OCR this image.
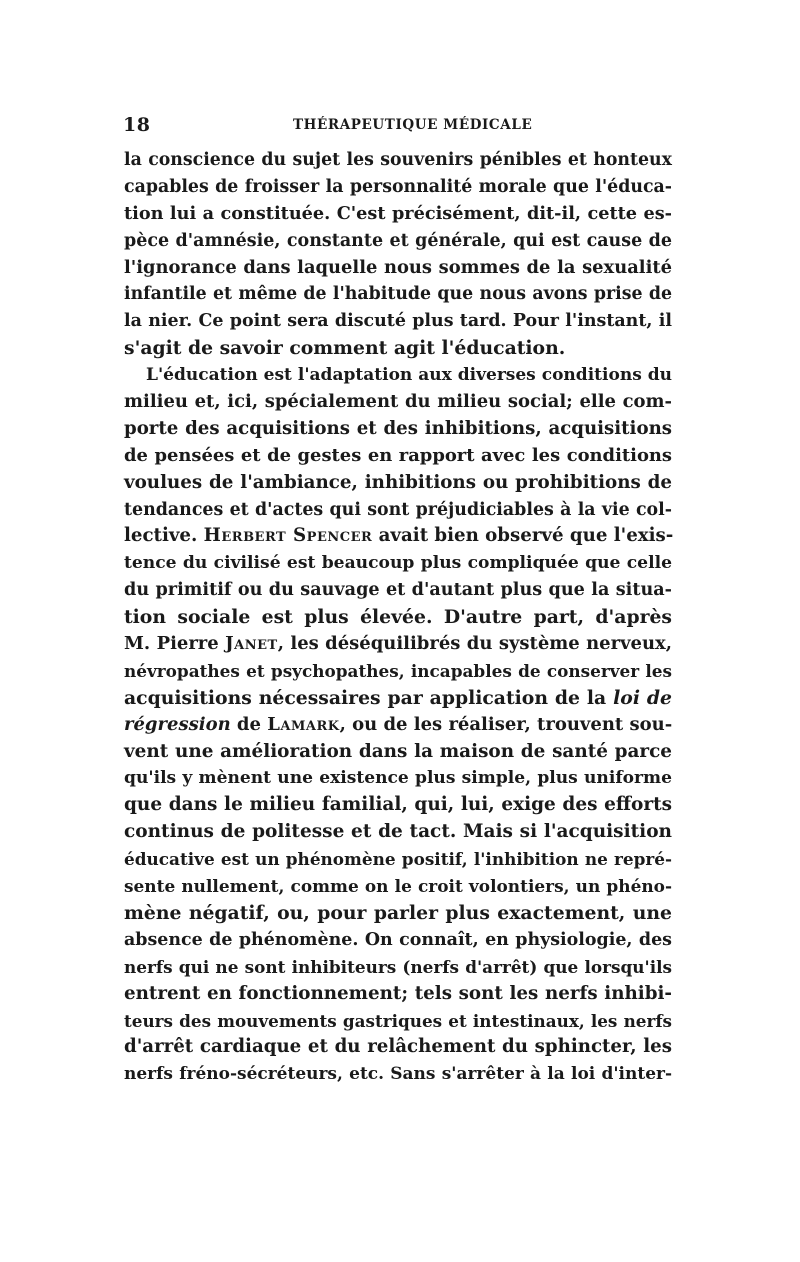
18	THÉRAPEUTIQUE MÉDICALE
la conscience du sujet les souvenirs pénibles et honteux
capables de froisser la personnalité morale que l'éduca-
tion lui a constituée. C'est précisément, dit-il, cette es-
pèce d'amnésie, constante et générale, qui est cause de
l'ignorance dans laquelle nous sommes de la sexualité
infantile et même de l'habitude que nous avons prise de
la nier. Ce point sera discuté plus tard. Pour l'instant, il
s'agit de savoir comment agit l'éducation.
L'éducation est l'adaptation aux diverses conditions du
milieu et, ici, spécialement du milieu social; elle com-
porte des acquisitions et des inhibitions, acquisitions
de pensées et de gestes en rapport avec les conditions
voulues de l'ambiance, inhibitions ou prohibitions de
tendances et d'actes qui sont préjudiciables à la vie col-
lective. Herbert Spencer avait bien observé que l'exis-
tence du civilisé est beaucoup plus compliquée que celle
du primitif ou du sauvage et d'autant plus que la situa-
tion sociale est plus élevée. D'autre part, d'après
M. Pierre Janet, les déséquilibrés du système nerveux,
névropathes et psychopathes, incapables de conserver les
acquisitions nécessaires par application de la loi de
régression de Lamark, ou de les réaliser, trouvent sou-
vent une amélioration dans la maison de santé parce
qu'ils y mènent une existence plus simple, plus uniforme
que dans le milieu familial, qui, lui, exige des efforts
continus de politesse et de tact. Mais si l'acquisition
éducative est un phénomène positif, l'inhibition ne repré-
sente nullement, comme on le croit volontiers, un phéno-
mène négatif, ou, pour parler plus exactement, une
absence de phénomène. On connaît, en physiologie, des
nerfs qui ne sont inhibiteurs (nerfs d'arrêt) que lorsqu'ils
entrent en fonctionnement; tels sont les nerfs inhibi-
teurs des mouvements gastriques et intestinaux, les nerfs
d'arrêt cardiaque et du relâchement du sphincter, les
nerfs fréno-sécréteurs, etc. Sans s'arrêter à la loi d'inter-
